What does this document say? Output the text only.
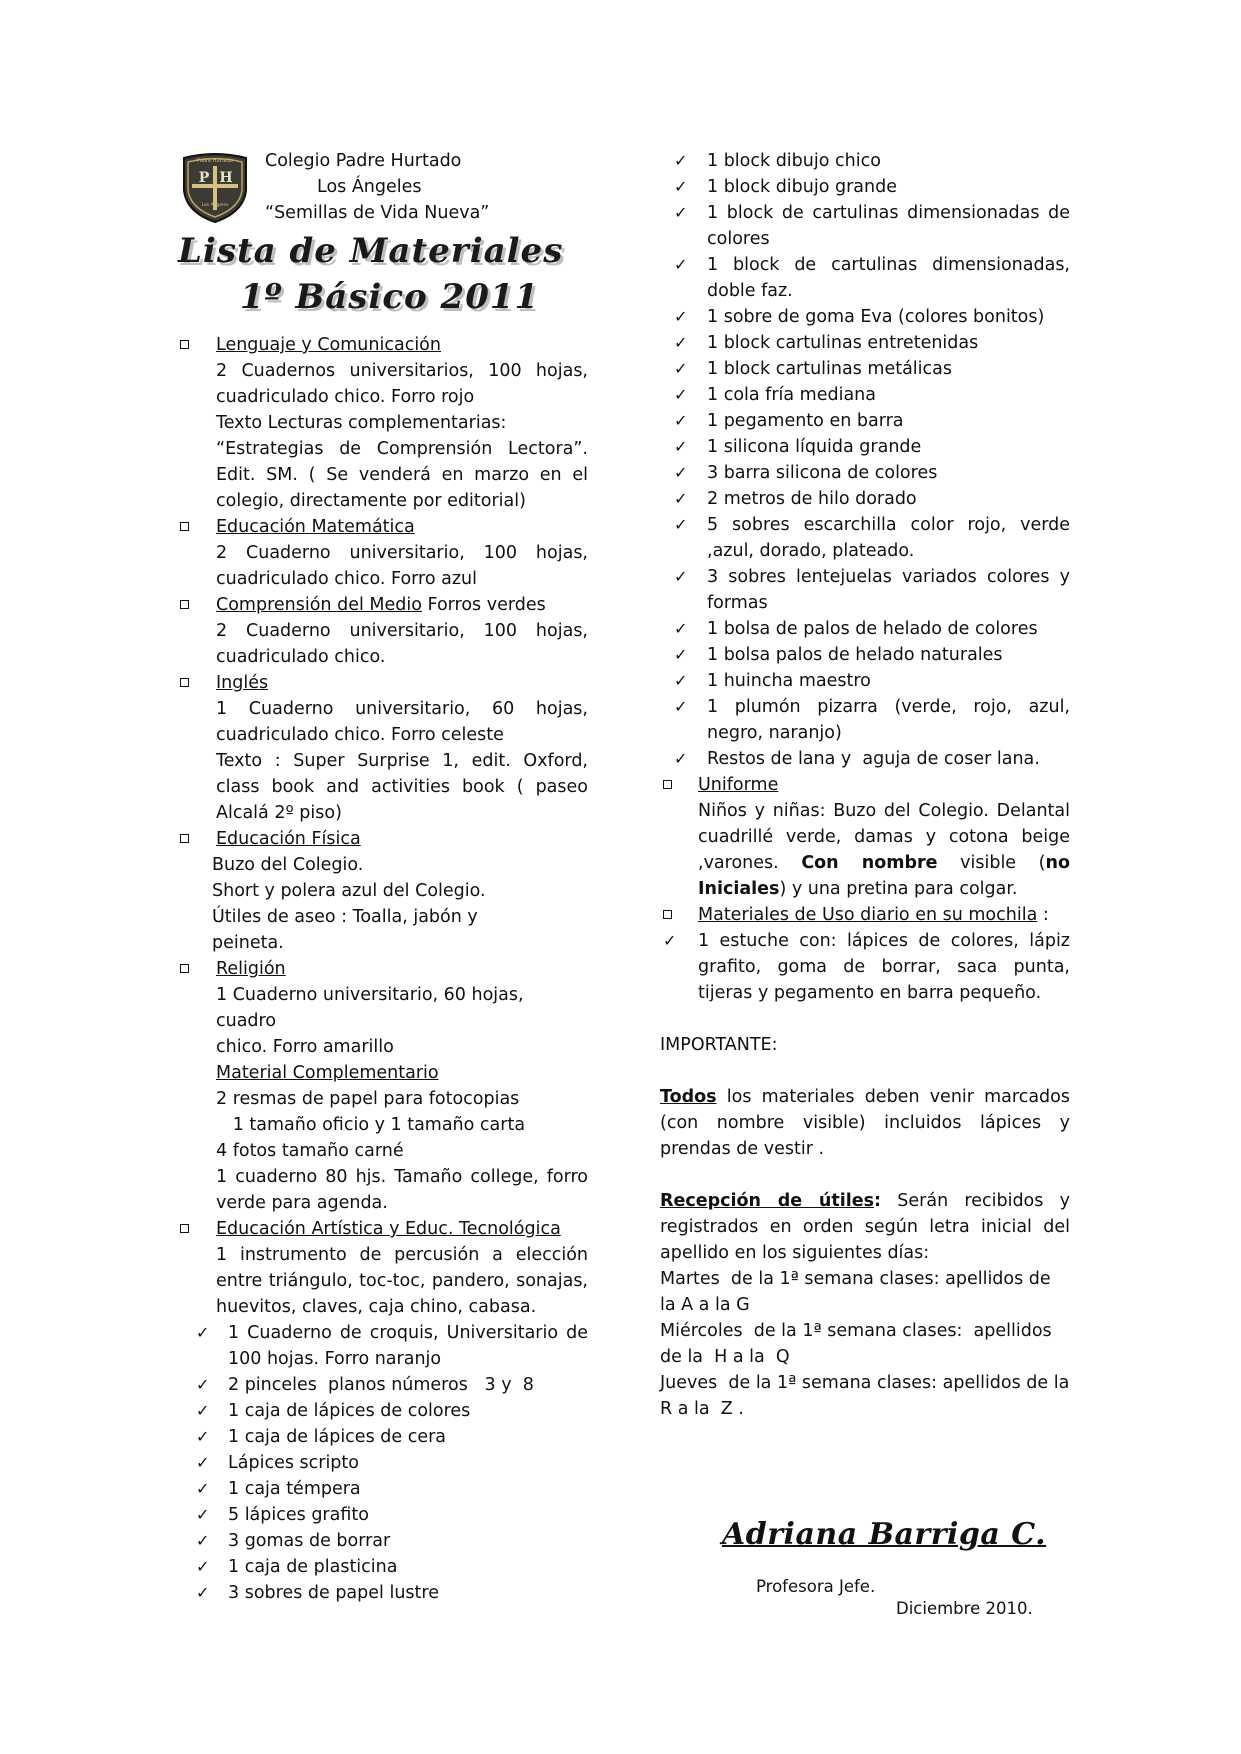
P H
Padre Hurtado
Los Ángeles
Colegio Padre Hurtado
Los Ángeles
“Semillas de Vida Nueva”
Lista de Materiales
1º Básico 2011
Lenguaje y Comunicación
2 Cuadernos universitarios, 100 hojas,
cuadriculado chico. Forro rojo
Texto Lecturas complementarias:
“Estrategias de Comprensión Lectora”.
Edit. SM. ( Se venderá en marzo en el
colegio, directamente por editorial)
Educación Matemática
2 Cuaderno universitario, 100 hojas,
cuadriculado chico. Forro azul
Comprensión del Medio Forros verdes
2 Cuaderno universitario, 100 hojas,
cuadriculado chico.
Inglés
1 Cuaderno universitario, 60 hojas,
cuadriculado chico. Forro celeste
Texto : Super Surprise 1, edit. Oxford,
class book and activities book ( paseo
Alcalá 2º piso)
Educación Física
Buzo del Colegio.
Short y polera azul del Colegio.
Útiles de aseo : Toalla, jabón y
peineta.
Religión
1 Cuaderno universitario, 60 hojas, cuadro
chico. Forro amarillo
Material Complementario
2 resmas de papel para fotocopias
1 tamaño oficio y 1 tamaño carta
4 fotos tamaño carné
1 cuaderno 80 hjs. Tamaño college, forro
verde para agenda.
Educación Artística y Educ. Tecnológica
1 instrumento de percusión a elección
entre triángulo, toc-toc, pandero, sonajas,
huevitos, claves, caja chino, cabasa.
✓ 1 Cuaderno de croquis, Universitario de 100 hojas. Forro naranjo
✓ 2 pinceles  planos números   3 y  8
✓ 1 caja de lápices de colores
✓ 1 caja de lápices de cera
✓ Lápices scripto
✓ 1 caja témpera
✓ 5 lápices grafito
✓ 3 gomas de borrar
✓ 1 caja de plasticina
✓ 3 sobres de papel lustre
✓ 1 block dibujo chico
✓ 1 block dibujo grande
✓ 1 block de cartulinas dimensionadas de colores
✓ 1 block de cartulinas dimensionadas, doble faz.
✓ 1 sobre de goma Eva (colores bonitos)
✓ 1 block cartulinas entretenidas
✓ 1 block cartulinas metálicas
✓ 1 cola fría mediana
✓ 1 pegamento en barra
✓ 1 silicona líquida grande
✓ 3 barra silicona de colores
✓ 2 metros de hilo dorado
✓ 5 sobres escarchilla color rojo, verde ,azul, dorado, plateado.
✓ 3 sobres lentejuelas variados colores y formas
✓ 1 bolsa de palos de helado de colores
✓ 1 bolsa palos de helado naturales
✓ 1 huincha maestro
✓ 1 plumón pizarra (verde, rojo, azul, negro, naranjo)
✓ Restos de lana y  aguja de coser lana.
Uniforme
Niños y niñas: Buzo del Colegio. Delantal cuadrillé verde, damas y cotona beige ,varones. Con nombre visible (no Iniciales) y una pretina para colgar.
Materiales de Uso diario en su mochila :
✓ 1 estuche con: lápices de colores, lápiz grafito, goma de borrar, saca punta, tijeras y pegamento en barra pequeño.
IMPORTANTE:
Todos los materiales deben venir marcados (con nombre visible) incluidos lápices y prendas de vestir .
Recepción de útiles: Serán recibidos y registrados en orden según letra inicial del apellido en los siguientes días:
Martes  de la 1ª semana clases: apellidos de la A a la G
Miércoles  de la 1ª semana clases:  apellidos de la  H a la  Q
Jueves  de la 1ª semana clases: apellidos de la R a la  Z .
Adriana Barriga C.
Profesora Jefe.
Diciembre 2010.
